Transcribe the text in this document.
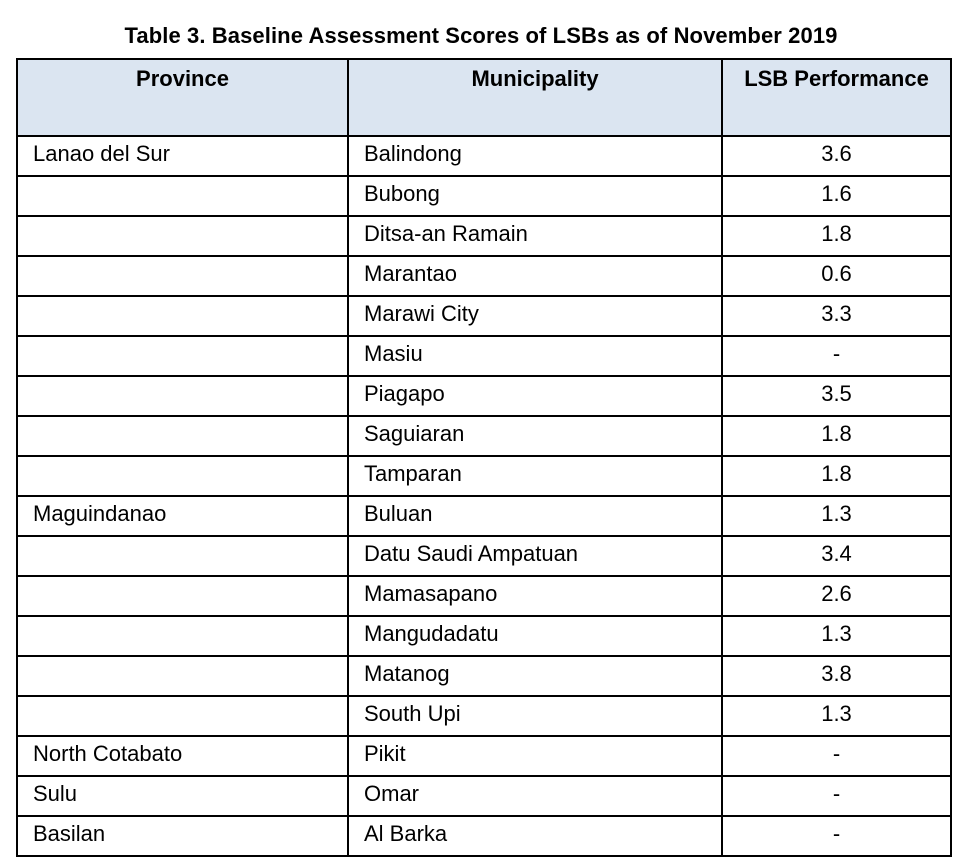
Table 3. Baseline Assessment Scores of LSBs as of November 2019
Province	Municipality	LSB Performance
Lanao del Sur	Balindong	3.6
	Bubong	1.6
	Ditsa-an Ramain	1.8
	Marantao	0.6
	Marawi City	3.3
	Masiu	-
	Piagapo	3.5
	Saguiaran	1.8
	Tamparan	1.8
Maguindanao	Buluan	1.3
	Datu Saudi Ampatuan	3.4
	Mamasapano	2.6
	Mangudadatu	1.3
	Matanog	3.8
	South Upi	1.3
North Cotabato	Pikit	-
Sulu	Omar	-
Basilan	Al Barka	-
